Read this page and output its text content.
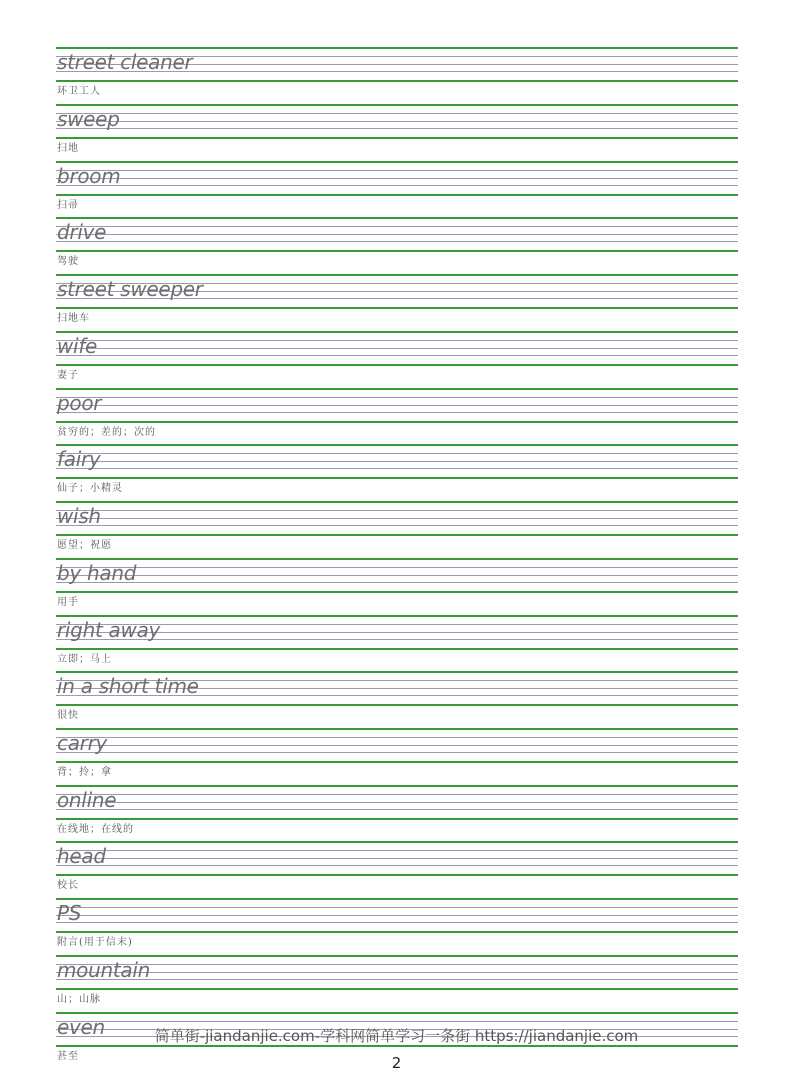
street cleaner
环卫工人
sweep
扫地
broom
扫帚
drive
驾驶
street sweeper
扫地车
wife
妻子
poor
贫穷的；差的；次的
fairy
仙子；小精灵
wish
愿望；祝愿
by hand
用手
right away
立即；马上
in a short time
很快
carry
背；拎；拿
online
在线地；在线的
head
校长
PS
附言(用于信末)
mountain
山；山脉
even
甚至
简单街-jiandanjie.com-学科网简单学习一条街 https://jiandanjie.com
2
